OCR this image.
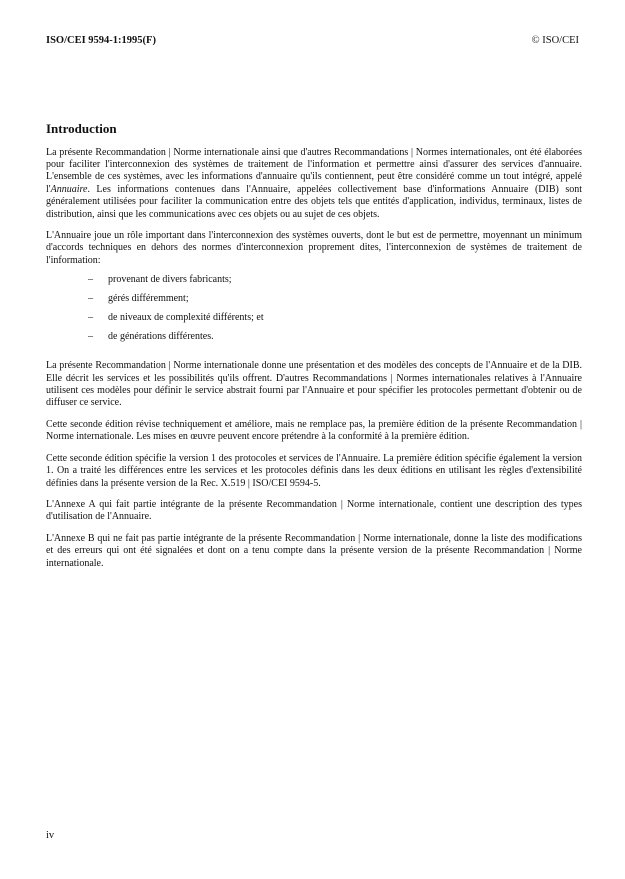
ISO/CEI 9594-1:1995(F)	© ISO/CEI
Introduction

La présente Recommandation | Norme internationale ainsi que d'autres Recommandations | Normes internationales, ont été élaborées pour faciliter l'interconnexion des systèmes de traitement de l'information et permettre ainsi d'assurer des services d'annuaire. L'ensemble de ces systèmes, avec les informations d'annuaire qu'ils contiennent, peut être considéré comme un tout intégré, appelé l'Annuaire. Les informations contenues dans l'Annuaire, appelées collectivement base d'informations Annuaire (DIB) sont généralement utilisées pour faciliter la communication entre des objets tels que entités d'application, individus, terminaux, listes de distribution, ainsi que les communications avec ces objets ou au sujet de ces objets.

L'Annuaire joue un rôle important dans l'interconnexion des systèmes ouverts, dont le but est de permettre, moyennant un minimum d'accords techniques en dehors des normes d'interconnexion proprement dites, l'interconnexion de systèmes de traitement de l'information:

– provenant de divers fabricants;
– gérés différemment;
– de niveaux de complexité différents; et
– de générations différentes.

La présente Recommandation | Norme internationale donne une présentation et des modèles des concepts de l'Annuaire et de la DIB. Elle décrit les services et les possibilités qu'ils offrent. D'autres Recommandations | Normes internationales relatives à l'Annuaire utilisent ces modèles pour définir le service abstrait fourni par l'Annuaire et pour spécifier les protocoles permettant d'obtenir ou de diffuser ce service.

Cette seconde édition révise techniquement et améliore, mais ne remplace pas, la première édition de la présente Recommandation | Norme internationale. Les mises en œuvre peuvent encore prétendre à la conformité à la première édition.

Cette seconde édition spécifie la version 1 des protocoles et services de l'Annuaire. La première édition spécifie également la version 1. On a traité les différences entre les services et les protocoles définis dans les deux éditions en utilisant les règles d'extensibilité définies dans la présente version de la Rec. X.519 | ISO/CEI 9594-5.

L'Annexe A qui fait partie intégrante de la présente Recommandation | Norme internationale, contient une description des types d'utilisation de l'Annuaire.

L'Annexe B qui ne fait pas partie intégrante de la présente Recommandation | Norme internationale, donne la liste des modifications et des erreurs qui ont été signalées et dont on a tenu compte dans la présente version de la présente Recommandation | Norme internationale.

iv
